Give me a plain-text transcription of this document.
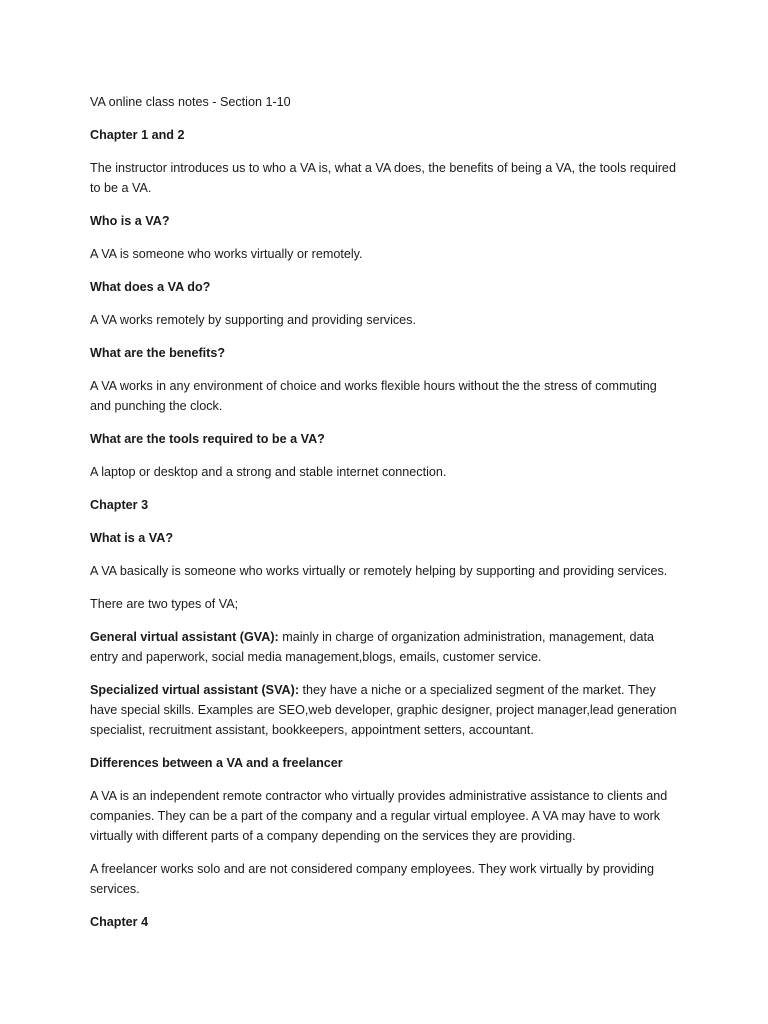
VA online class notes - Section 1-10

Chapter 1 and 2

The instructor introduces us to who a VA is, what a VA does, the benefits of being a VA, the tools required to be a VA.

Who is a VA?

A VA is someone who works virtually or remotely.

What does a VA do?

A VA works remotely by supporting and providing services.

What are the benefits?

A VA works in any environment of choice and works flexible hours without the the stress of commuting and punching the clock.

What are the tools required to be a VA?

A laptop or desktop and a strong and stable internet connection.

Chapter 3

What is a VA?

A VA basically is someone who works virtually or remotely helping by supporting and providing services.

There are two types of VA;

General virtual assistant (GVA): mainly in charge of organization administration, management, data entry and paperwork, social media management,blogs, emails, customer service.

Specialized virtual assistant (SVA): they have a niche or a specialized segment of the market. They have special skills. Examples are SEO,web developer, graphic designer, project manager,lead generation specialist, recruitment assistant, bookkeepers, appointment setters, accountant.

Differences between a VA and a freelancer

A VA is an independent remote contractor who virtually provides administrative assistance to clients and companies. They can be a part of the company and a regular virtual employee. A VA may have to work virtually with different parts of a company depending on the services they are providing.

A freelancer works solo and are not considered company employees. They work virtually by providing services.

Chapter 4
